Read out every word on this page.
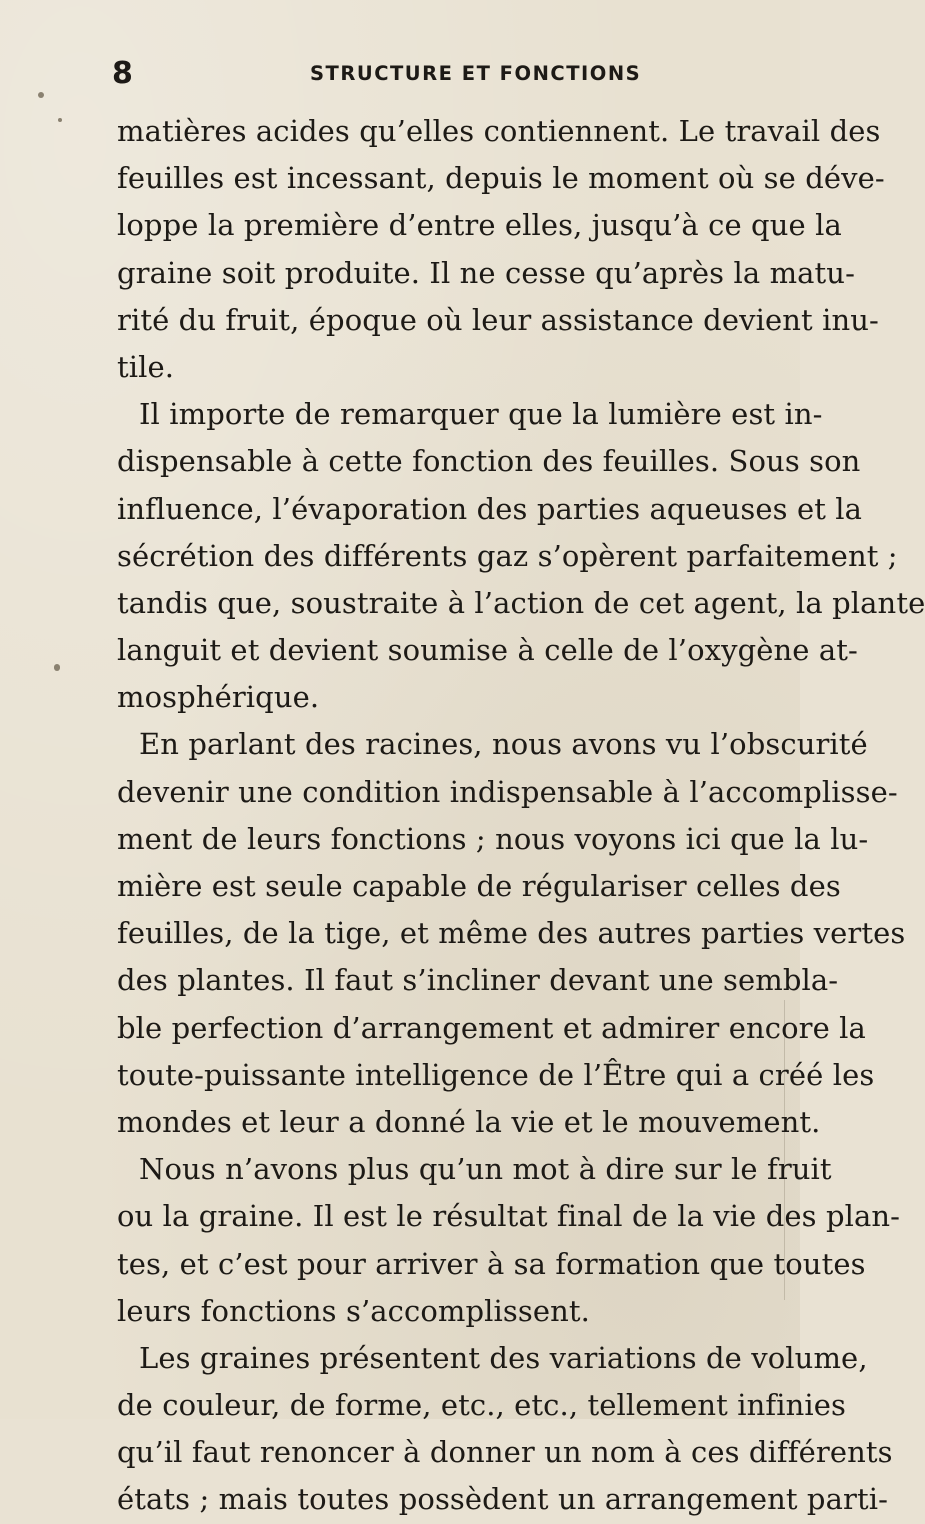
8	STRUCTURE ET FONCTIONS
matières acides qu’elles contiennent. Le travail des
feuilles est incessant, depuis le moment où se déve-
loppe la première d’entre elles, jusqu’à ce que la
graine soit produite. Il ne cesse qu’après la matu-
rité du fruit, époque où leur assistance devient inu-
tile.
Il importe de remarquer que la lumière est in-
dispensable à cette fonction des feuilles. Sous son
influence, l’évaporation des parties aqueuses et la
sécrétion des différents gaz s’opèrent parfaitement ;
tandis que, soustraite à l’action de cet agent, la plante
languit et devient soumise à celle de l’oxygène at-
mosphérique.
En parlant des racines, nous avons vu l’obscurité
devenir une condition indispensable à l’accomplisse-
ment de leurs fonctions ; nous voyons ici que la lu-
mière est seule capable de régulariser celles des
feuilles, de la tige, et même des autres parties vertes
des plantes. Il faut s’incliner devant une sembla-
ble perfection d’arrangement et admirer encore la
toute-puissante intelligence de l’Être qui a créé les
mondes et leur a donné la vie et le mouvement.
Nous n’avons plus qu’un mot à dire sur le fruit
ou la graine. Il est le résultat final de la vie des plan-
tes, et c’est pour arriver à sa formation que toutes
leurs fonctions s’accomplissent.
Les graines présentent des variations de volume,
de couleur, de forme, etc., etc., tellement infinies
qu’il faut renoncer à donner un nom à ces différents
états ; mais toutes possèdent un arrangement parti-
